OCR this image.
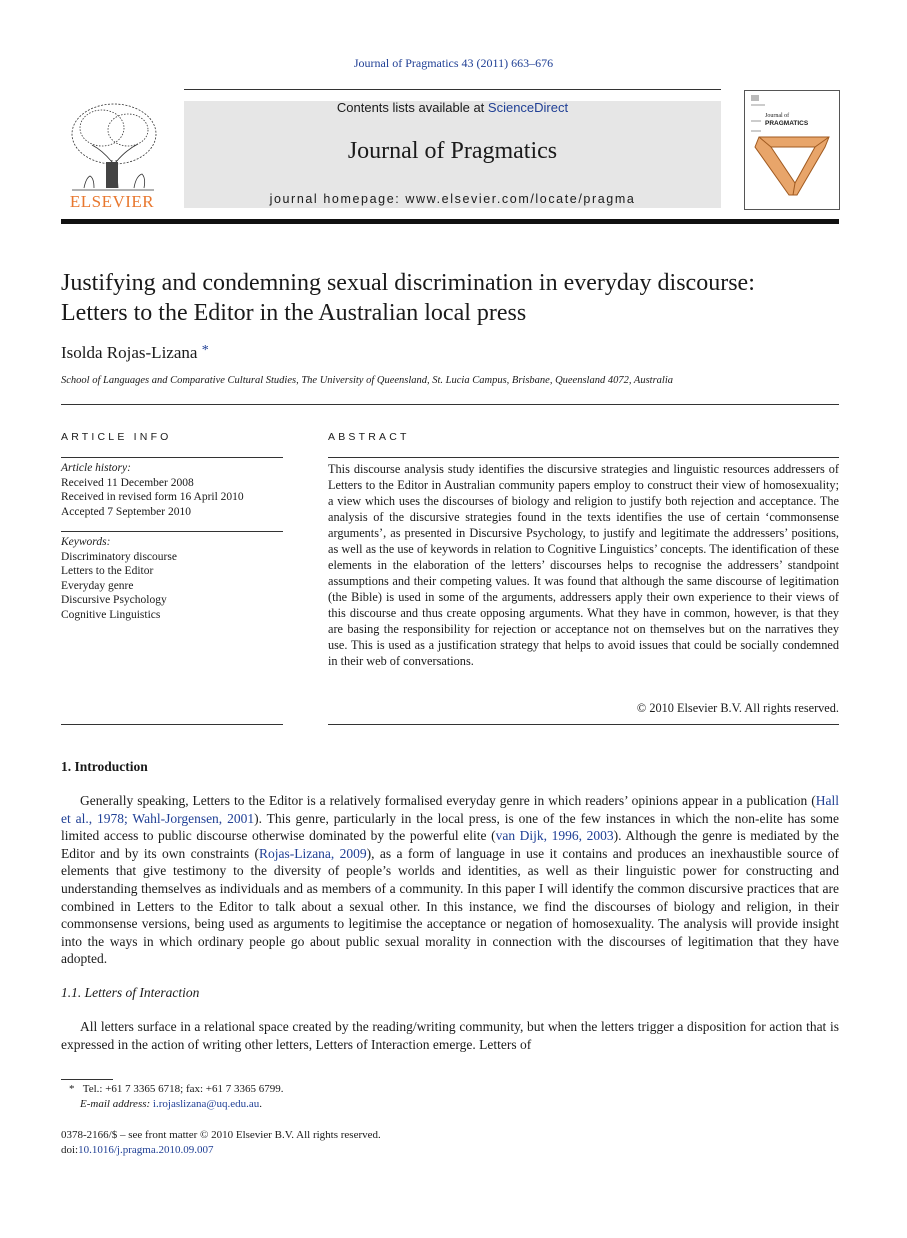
Journal of Pragmatics 43 (2011) 663–676
Contents lists available at ScienceDirect
Journal of Pragmatics
journal homepage: www.elsevier.com/locate/pragma
ELSEVIER
Journal of
PRAGMATICS
Justifying and condemning sexual discrimination in everyday discourse:
Letters to the Editor in the Australian local press
Isolda Rojas-Lizana *
School of Languages and Comparative Cultural Studies, The University of Queensland, St. Lucia Campus, Brisbane, Queensland 4072, Australia
ARTICLE INFO
Article history:
Received 11 December 2008
Received in revised form 16 April 2010
Accepted 7 September 2010
Keywords:
Discriminatory discourse
Letters to the Editor
Everyday genre
Discursive Psychology
Cognitive Linguistics
ABSTRACT
This discourse analysis study identifies the discursive strategies and linguistic resources addressers of Letters to the Editor in Australian community papers employ to construct their view of homosexuality; a view which uses the discourses of biology and religion to justify both rejection and acceptance. The analysis of the discursive strategies found in the texts identifies the use of certain ‘commonsense arguments’, as presented in Discursive Psychology, to justify and legitimate the addressers’ positions, as well as the use of keywords in relation to Cognitive Linguistics’ concepts. The identification of these elements in the elaboration of the letters’ discourses helps to recognise the addressers’ standpoint assumptions and their competing values. It was found that although the same discourse of legitimation (the Bible) is used in some of the arguments, addressers apply their own experience to their views of this discourse and thus create opposing arguments. What they have in common, however, is that they are basing the responsibility for rejection or acceptance not on themselves but on the narratives they use. This is used as a justification strategy that helps to avoid issues that could be socially condemned in their web of conversations.
© 2010 Elsevier B.V. All rights reserved.
1. Introduction

Generally speaking, Letters to the Editor is a relatively formalised everyday genre in which readers’ opinions appear in a publication (Hall et al., 1978; Wahl-Jorgensen, 2001). This genre, particularly in the local press, is one of the few instances in which the non-elite has some limited access to public discourse otherwise dominated by the powerful elite (van Dijk, 1996, 2003). Although the genre is mediated by the Editor and by its own constraints (Rojas-Lizana, 2009), as a form of language in use it contains and produces an inexhaustible source of elements that give testimony to the diversity of people’s worlds and identities, as well as their linguistic power for constructing and understanding themselves as individuals and as members of a community. In this paper I will identify the common discursive practices that are combined in Letters to the Editor to talk about a sexual other. In this instance, we find the discourses of biology and religion, in their commonsense versions, being used as arguments to legitimise the acceptance or negation of homosexuality. The analysis will provide insight into the ways in which ordinary people go about public sexual morality in connection with the discourses of legitimation that they have adopted.

1.1. Letters of Interaction

All letters surface in a relational space created by the reading/writing community, but when the letters trigger a disposition for action that is expressed in the action of writing other letters, Letters of Interaction emerge. Letters of

* Tel.: +61 7 3365 6718; fax: +61 7 3365 6799.
E-mail address: i.rojaslizana@uq.edu.au.
0378-2166/$ – see front matter © 2010 Elsevier B.V. All rights reserved.
doi:10.1016/j.pragma.2010.09.007
